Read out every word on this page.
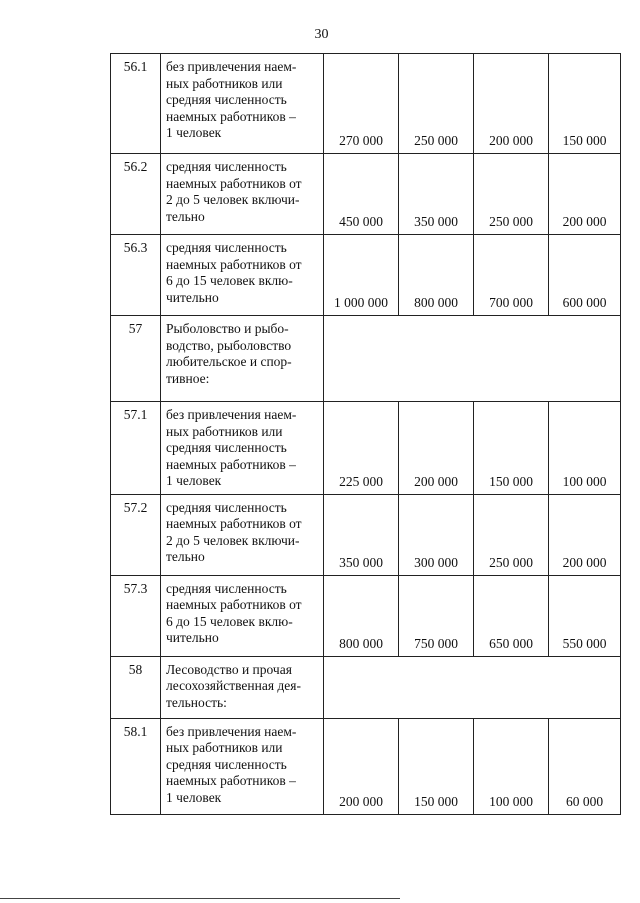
30
56.1	без привлечения наем-
ных работников или
средняя численность
наемных работников –
1 человек	270 000	250 000	200 000	150 000
56.2	средняя численность
наемных работников от
2 до 5 человек включи-
тельно	450 000	350 000	250 000	200 000
56.3	средняя численность
наемных работников от
6 до 15 человек вклю-
чительно	1 000 000	800 000	700 000	600 000
57	Рыболовство и рыбо-
водство, рыболовство
любительское и спор-
тивное:				

57.1	без привлечения наем-
ных работников или
средняя численность
наемных работников –
1 человек	225 000	200 000	150 000	100 000
57.2	средняя численность
наемных работников от
2 до 5 человек включи-
тельно	350 000	300 000	250 000	200 000
57.3	средняя численность
наемных работников от
6 до 15 человек вклю-
чительно	800 000	750 000	650 000	550 000
58	Лесоводство и прочая
лесохозяйственная дея-
тельность:				

58.1	без привлечения наем-
ных работников или
средняя численность
наемных работников –
1 человек	200 000	150 000	100 000	60 000
